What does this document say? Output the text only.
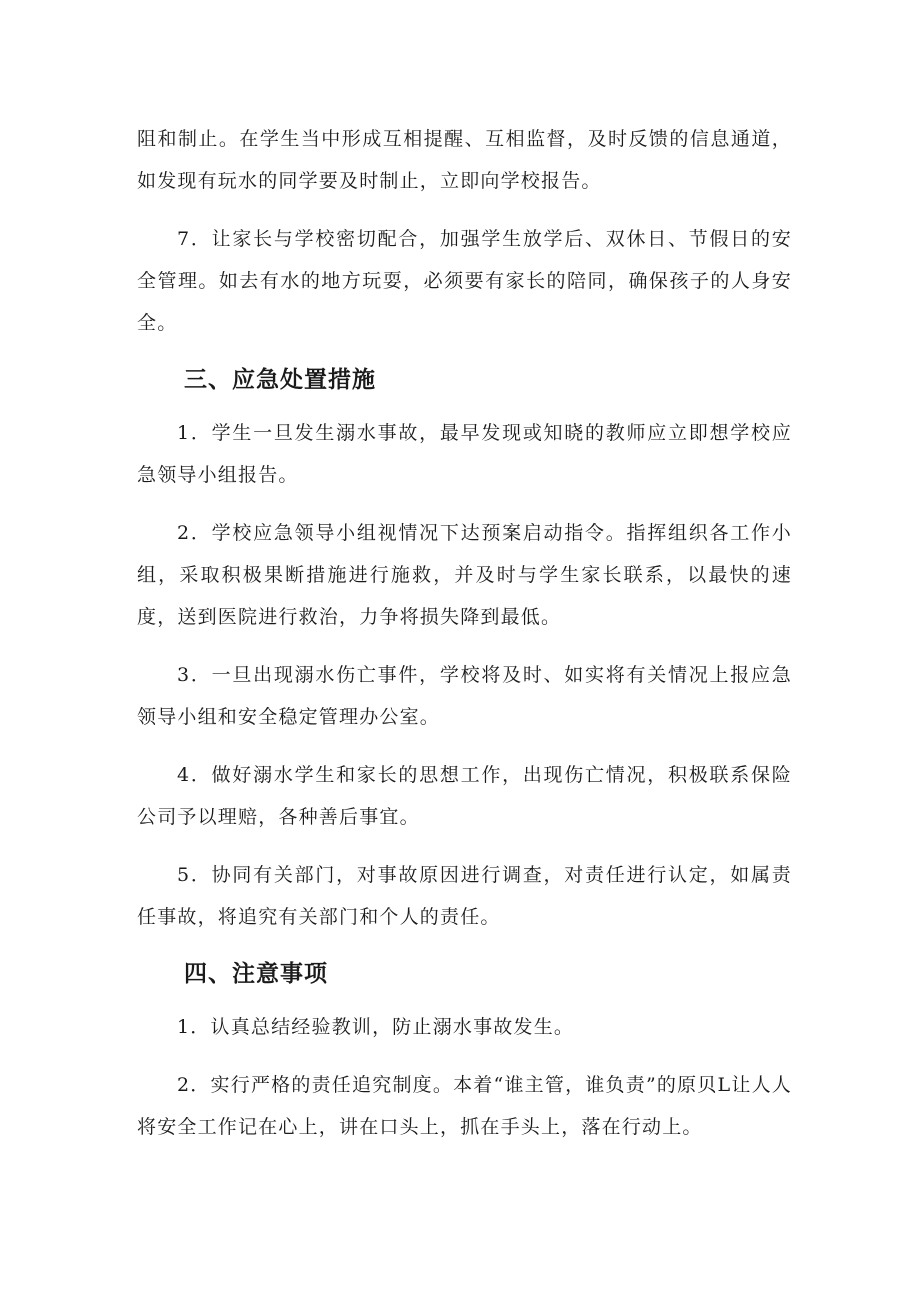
阻和制止。在学生当中形成互相提醒、互相监督，及时反馈的信息通道，如发现有玩水的同学要及时制止，立即向学校报告。

7．让家长与学校密切配合，加强学生放学后、双休日、节假日的安全管理。如去有水的地方玩耍，必须要有家长的陪同，确保孩子的人身安全。

三、应急处置措施

1．学生一旦发生溺水事故，最早发现或知晓的教师应立即想学校应急领导小组报告。

2．学校应急领导小组视情况下达预案启动指令。指挥组织各工作小组，采取积极果断措施进行施救，并及时与学生家长联系，以最快的速度，送到医院进行救治，力争将损失降到最低。

3．一旦出现溺水伤亡事件，学校将及时、如实将有关情况上报应急领导小组和安全稳定管理办公室。

4．做好溺水学生和家长的思想工作，出现伤亡情况，积极联系保险公司予以理赔，各种善后事宜。

5．协同有关部门，对事故原因进行调查，对责任进行认定，如属责任事故，将追究有关部门和个人的责任。

四、注意事项

1．认真总结经验教训，防止溺水事故发生。

2．实行严格的责任追究制度。本着“谁主管，谁负责”的原贝L让人人将安全工作记在心上，讲在口头上，抓在手头上，落在行动上。
